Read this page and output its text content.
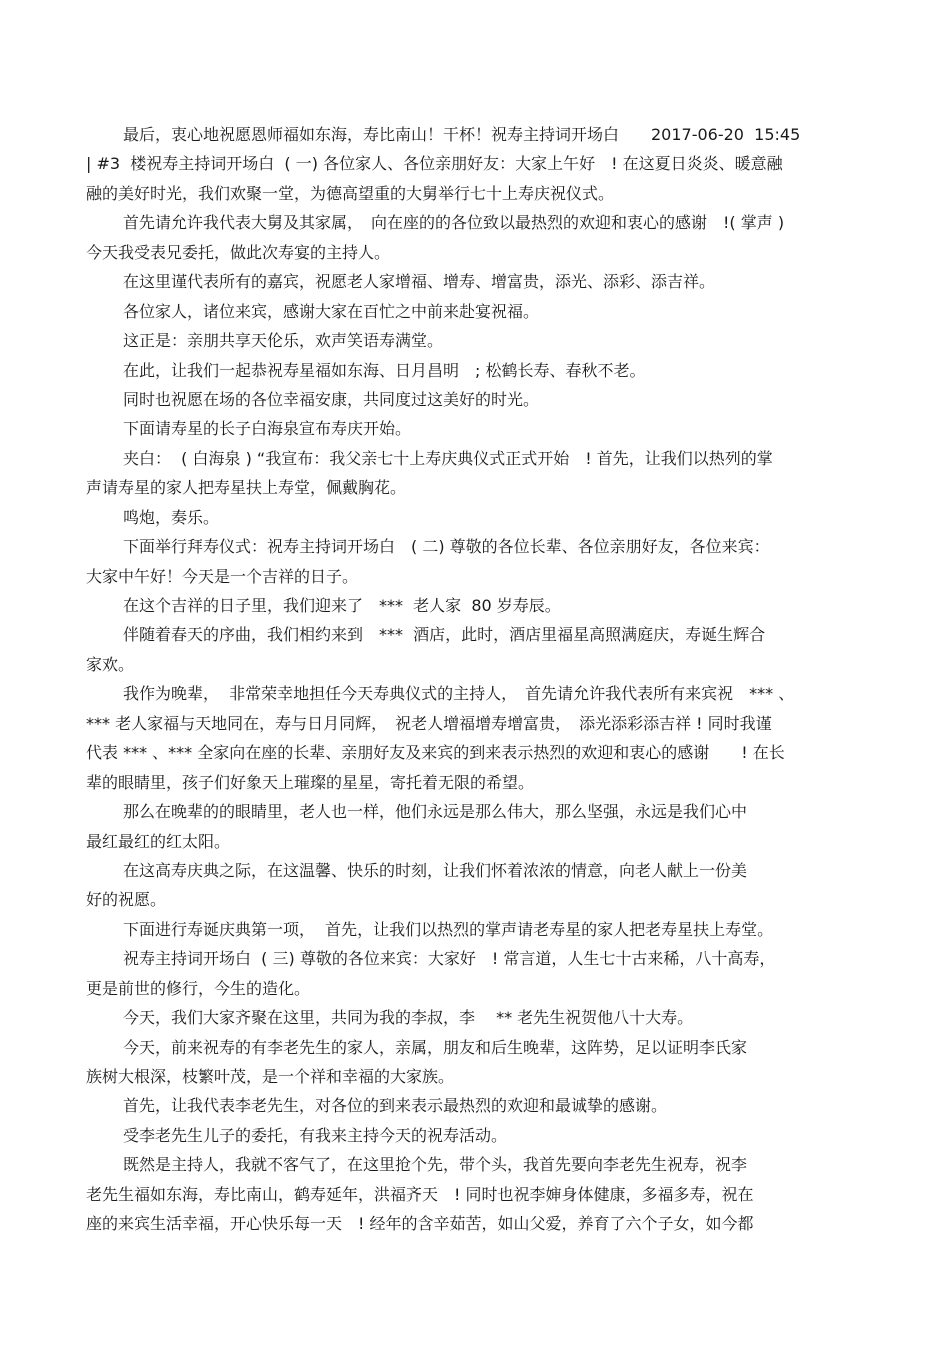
最后，衷心地祝愿恩师福如东海，寿比南山！干杯！祝寿主持词开场白　　2017-06-20  15:45
| #3  楼祝寿主持词开场白  ( 一) 各位家人、各位亲朋好友：大家上午好　! 在这夏日炎炎、暖意融
融的美好时光，我们欢聚一堂，为德高望重的大舅举行七十上寿庆祝仪式。
首先请允许我代表大舅及其家属，　向在座的的各位致以最热烈的欢迎和衷心的感谢　!( 掌声 )
今天我受表兄委托，做此次寿宴的主持人。
在这里谨代表所有的嘉宾，祝愿老人家增福、增寿、增富贵，添光、添彩、添吉祥。
各位家人，诸位来宾，感谢大家在百忙之中前来赴宴祝福。
这正是：亲朋共享天伦乐，欢声笑语寿满堂。
在此，让我们一起恭祝寿星福如东海、日月昌明　; 松鹤长寿、春秋不老。
同时也祝愿在场的各位幸福安康，共同度过这美好的时光。
下面请寿星的长子白海泉宣布寿庆开始。
夹白：  ( 白海泉 ) “我宣布：我父亲七十上寿庆典仪式正式开始　! 首先，让我们以热列的掌
声请寿星的家人把寿星扶上寿堂，佩戴胸花。
鸣炮，奏乐。
下面举行拜寿仪式：祝寿主持词开场白　( 二) 尊敬的各位长辈、各位亲朋好友，各位来宾：
大家中午好！今天是一个吉祥的日子。
在这个吉祥的日子里，我们迎来了　***  老人家  80 岁寿辰。
伴随着春天的序曲，我们相约来到　***  酒店，此时，酒店里福星高照满庭庆，寿诞生辉合
家欢。
我作为晚辈，  非常荣幸地担任今天寿典仪式的主持人，　首先请允许我代表所有来宾祝　*** 、
*** 老人家福与天地同在，寿与日月同辉，　祝老人增福增寿增富贵，　添光添彩添吉祥 ! 同时我谨
代表 *** 、*** 全家向在座的长辈、亲朋好友及来宾的到来表示热烈的欢迎和衷心的感谢　　! 在长
辈的眼睛里，孩子们好象天上璀璨的星星，寄托着无限的希望。
那么在晚辈的的眼睛里，老人也一样，他们永远是那么伟大，那么坚强，永远是我们心中
最红最红的红太阳。
在这高寿庆典之际，在这温馨、快乐的时刻，让我们怀着浓浓的情意，向老人献上一份美
好的祝愿。
下面进行寿诞庆典第一项，  首先，让我们以热烈的掌声请老寿星的家人把老寿星扶上寿堂。
祝寿主持词开场白  ( 三) 尊敬的各位来宾：大家好　! 常言道，人生七十古来稀，八十高寿，
更是前世的修行，今生的造化。
今天，我们大家齐聚在这里，共同为我的李叔，李　 ** 老先生祝贺他八十大寿。
今天，前来祝寿的有李老先生的家人，亲属，朋友和后生晚辈，这阵势，足以证明李氏家
族树大根深，枝繁叶茂，是一个祥和幸福的大家族。
首先，让我代表李老先生，对各位的到来表示最热烈的欢迎和最诚挚的感谢。
受李老先生儿子的委托，有我来主持今天的祝寿活动。
既然是主持人，我就不客气了，在这里抢个先，带个头，我首先要向李老先生祝寿，祝李
老先生福如东海，寿比南山，鹤寿延年，洪福齐天　! 同时也祝李婶身体健康，多福多寿，祝在
座的来宾生活幸福，开心快乐每一天　! 经年的含辛茹苦，如山父爱，养育了六个子女，如今都
